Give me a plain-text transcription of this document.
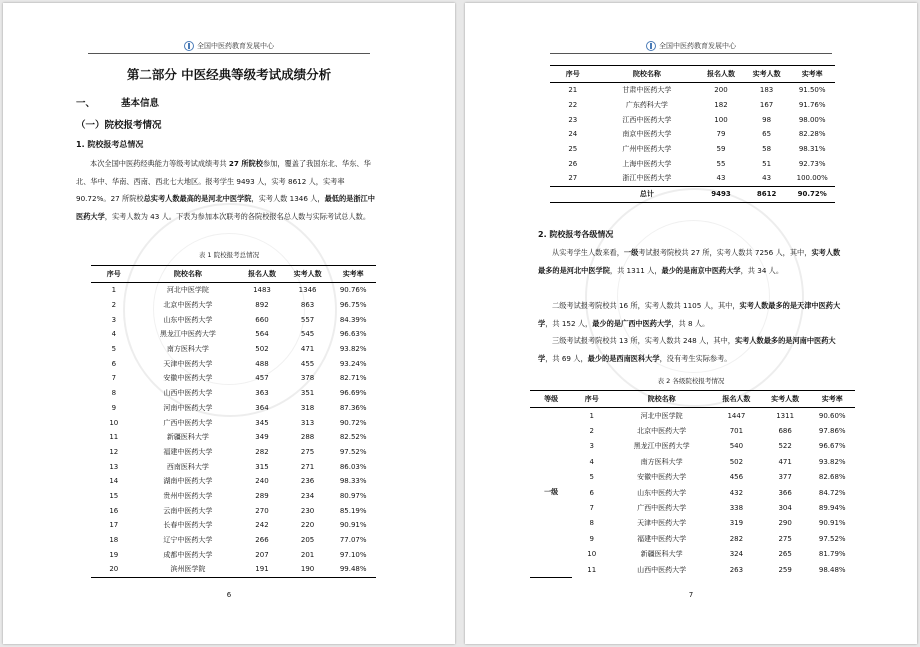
全国中医药教育发展中心
第二部分 中医经典等级考试成绩分析
一、	基本信息
（一）院校报考情况
1. 院校报考总情况
本次全国中医药经典能力等级考试成绩考共 27 所院校参加，覆盖了我国东北、华东、华北、华中、华南、西南、西北七大地区。报考学生 9493 人，实考 8612 人，实考率 90.72%。27 所院校总实考人数最高的是河北中医学院，实考人数 1346 人，最低的是浙江中医药大学，实考人数为 43 人。下表为参加本次联考的各院校报名总人数与实际考试总人数。
表 1 院校报考总情况
序号	院校名称	报名人数	实考人数	实考率
1	河北中医学院	1483	1346	90.76%
2	北京中医药大学	892	863	96.75%
3	山东中医药大学	660	557	84.39%
4	黑龙江中医药大学	564	545	96.63%
5	南方医科大学	502	471	93.82%
6	天津中医药大学	488	455	93.24%
7	安徽中医药大学	457	378	82.71%
8	山西中医药大学	363	351	96.69%
9	河南中医药大学	364	318	87.36%
10	广西中医药大学	345	313	90.72%
11	新疆医科大学	349	288	82.52%
12	福建中医药大学	282	275	97.52%
13	西南医科大学	315	271	86.03%
14	湖南中医药大学	240	236	98.33%
15	贵州中医药大学	289	234	80.97%
16	云南中医药大学	270	230	85.19%
17	长春中医药大学	242	220	90.91%
18	辽宁中医药大学	266	205	77.07%
19	成都中医药大学	207	201	97.10%
20	滨州医学院	191	190	99.48%
6
全国中医药教育发展中心
序号	院校名称	报名人数	实考人数	实考率
21	甘肃中医药大学	200	183	91.50%
22	广东药科大学	182	167	91.76%
23	江西中医药大学	100	98	98.00%
24	南京中医药大学	79	65	82.28%
25	广州中医药大学	59	58	98.31%
26	上海中医药大学	55	51	92.73%
27	浙江中医药大学	43	43	100.00%
	总计	9493	8612	90.72%
2. 院校报考各级情况
从实考学生人数来看，一级考试报考院校共 27 所，实考人数共 7256 人，其中，实考人数最多的是河北中医学院，共 1311 人，最少的是南京中医药大学，共 34 人。
二级考试报考院校共 16 所，实考人数共 1105 人，其中，实考人数最多的是天津中医药大学，共 152 人，最少的是广西中医药大学，共 8 人。
三级考试报考院校共 13 所，实考人数共 248 人，其中，实考人数最多的是河南中医药大学，共 69 人，最少的是西南医科大学，没有考生实际参考。
表 2 各级院校报考情况
等级	序号	院校名称	报名人数	实考人数	实考率
一级	1	河北中医学院	1447	1311	90.60%
	2	北京中医药大学	701	686	97.86%
	3	黑龙江中医药大学	540	522	96.67%
	4	南方医科大学	502	471	93.82%
	5	安徽中医药大学	456	377	82.68%
	6	山东中医药大学	432	366	84.72%
	7	广西中医药大学	338	304	89.94%
	8	天津中医药大学	319	290	90.91%
	9	福建中医药大学	282	275	97.52%
	10	新疆医科大学	324	265	81.79%
	11	山西中医药大学	263	259	98.48%
7
